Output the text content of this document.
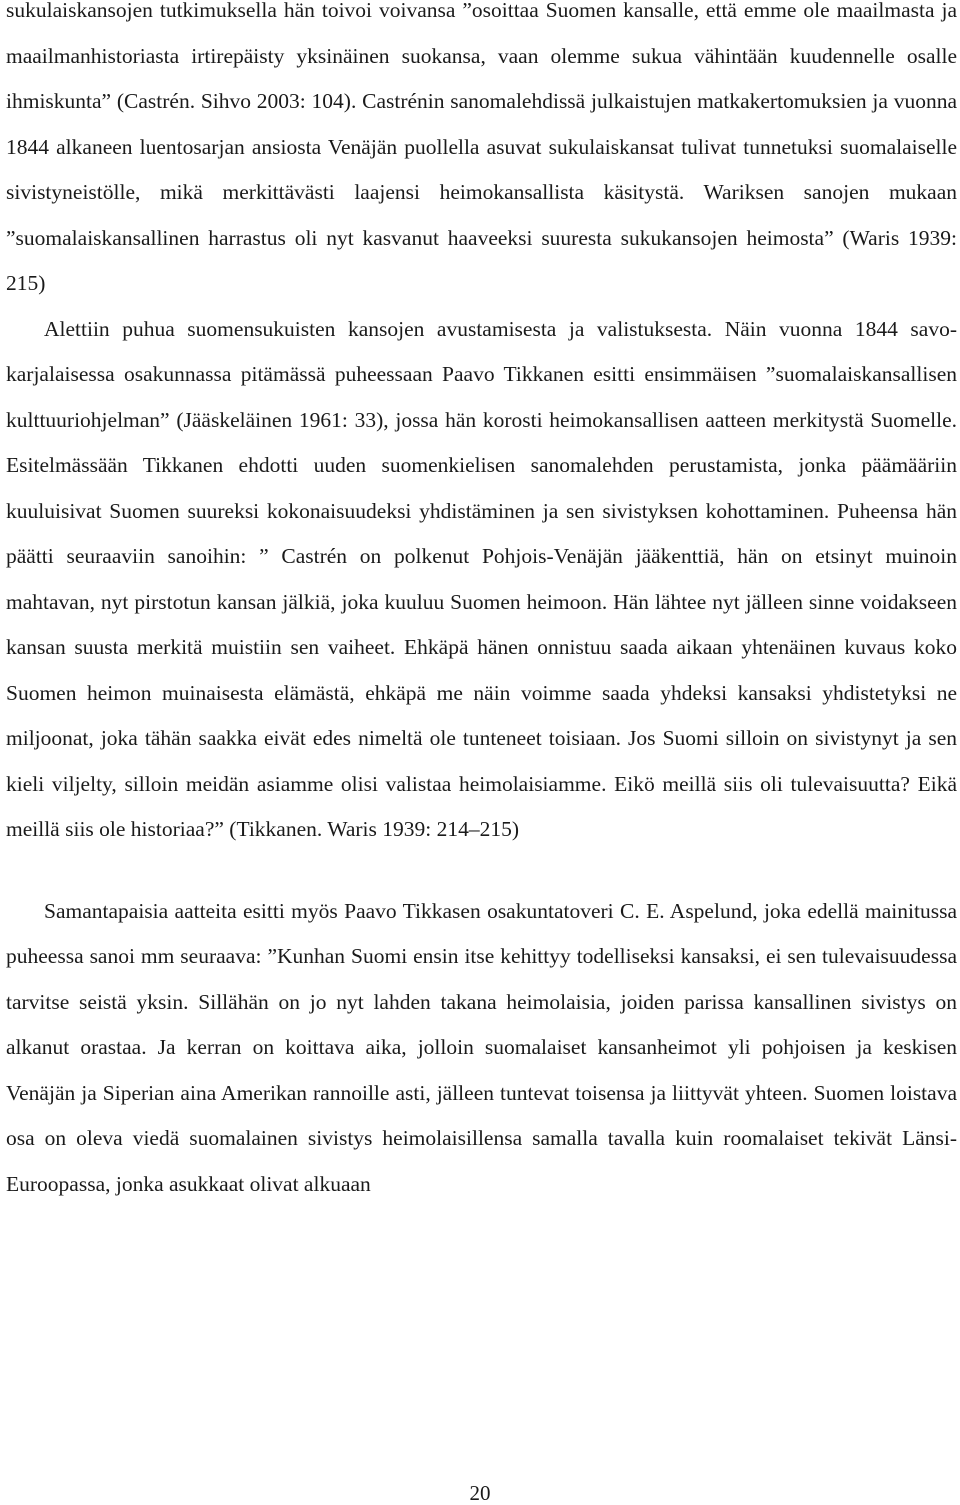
sukulaiskansojen tutkimuksella hän toivoi voivansa ”osoittaa Suomen kansalle, että emme ole maailmasta ja maailmanhistoriasta irtirepäisty yksinäinen suokansa, vaan olemme sukua vähintään kuudennelle osalle ihmiskunta” (Castrén. Sihvo 2003: 104). Castrénin sanomalehdissä julkaistujen matkakertomuksien ja vuonna 1844 alkaneen luentosarjan ansiosta Venäjän puollella asuvat sukulaiskansat tulivat tunnetuksi suomalaiselle sivistyneistölle, mikä merkittävästi laajensi heimokansallista käsitystä. Wariksen sanojen mukaan ”suomalaiskansallinen harrastus oli nyt kasvanut haaveeksi suuresta sukukansojen heimosta” (Waris 1939: 215)

Alettiin puhua suomensukuisten kansojen avustamisesta ja valistuksesta. Näin vuonna 1844 savo-karjalaisessa osakunnassa pitämässä puheessaan Paavo Tikkanen esitti ensimmäisen ”suomalaiskansallisen kulttuuriohjelman” (Jääskeläinen 1961: 33), jossa hän korosti heimokansallisen aatteen merkitystä Suomelle. Esitelmässään Tikkanen ehdotti uuden suomenkielisen sanomalehden perustamista, jonka päämääriin kuuluisivat Suomen suureksi kokonaisuudeksi yhdistäminen ja sen sivistyksen kohottaminen. Puheensa hän päätti seuraaviin sanoihin: ” Castrén on polkenut Pohjois-Venäjän jääkenttiä, hän on etsinyt muinoin mahtavan, nyt pirstotun kansan jälkiä, joka kuuluu Suomen heimoon. Hän lähtee nyt jälleen sinne voidakseen kansan suusta merkitä muistiin sen vaiheet. Ehkäpä hänen onnistuu saada aikaan yhtenäinen kuvaus koko Suomen heimon muinaisesta elämästä, ehkäpä me näin voimme saada yhdeksi kansaksi yhdistetyksi ne miljoonat, joka tähän saakka eivät edes nimeltä ole tunteneet toisiaan. Jos Suomi silloin on sivistynyt ja sen kieli viljelty, silloin meidän asiamme olisi valistaa heimolaisiamme. Eikö meillä siis oli tulevaisuutta? Eikä meillä siis ole historiaa?” (Tikkanen. Waris 1939: 214–215)

Samantapaisia aatteita esitti myös Paavo Tikkasen osakuntatoveri C. E. Aspelund, joka edellä mainitussa puheessa sanoi mm seuraava: ”Kunhan Suomi ensin itse kehittyy todelliseksi kansaksi, ei sen tulevaisuudessa tarvitse seistä yksin. Sillähän on jo nyt lahden takana heimolaisia, joiden parissa kansallinen sivistys on alkanut orastaa. Ja kerran on koittava aika, jolloin suomalaiset kansanheimot yli pohjoisen ja keskisen Venäjän ja Siperian aina Amerikan rannoille asti, jälleen tuntevat toisensa ja liittyvät yhteen. Suomen loistava osa on oleva viedä suomalainen sivistys heimolaisillensa samalla tavalla kuin roomalaiset tekivät Länsi-Euroopassa, jonka asukkaat olivat alkuaan

20
